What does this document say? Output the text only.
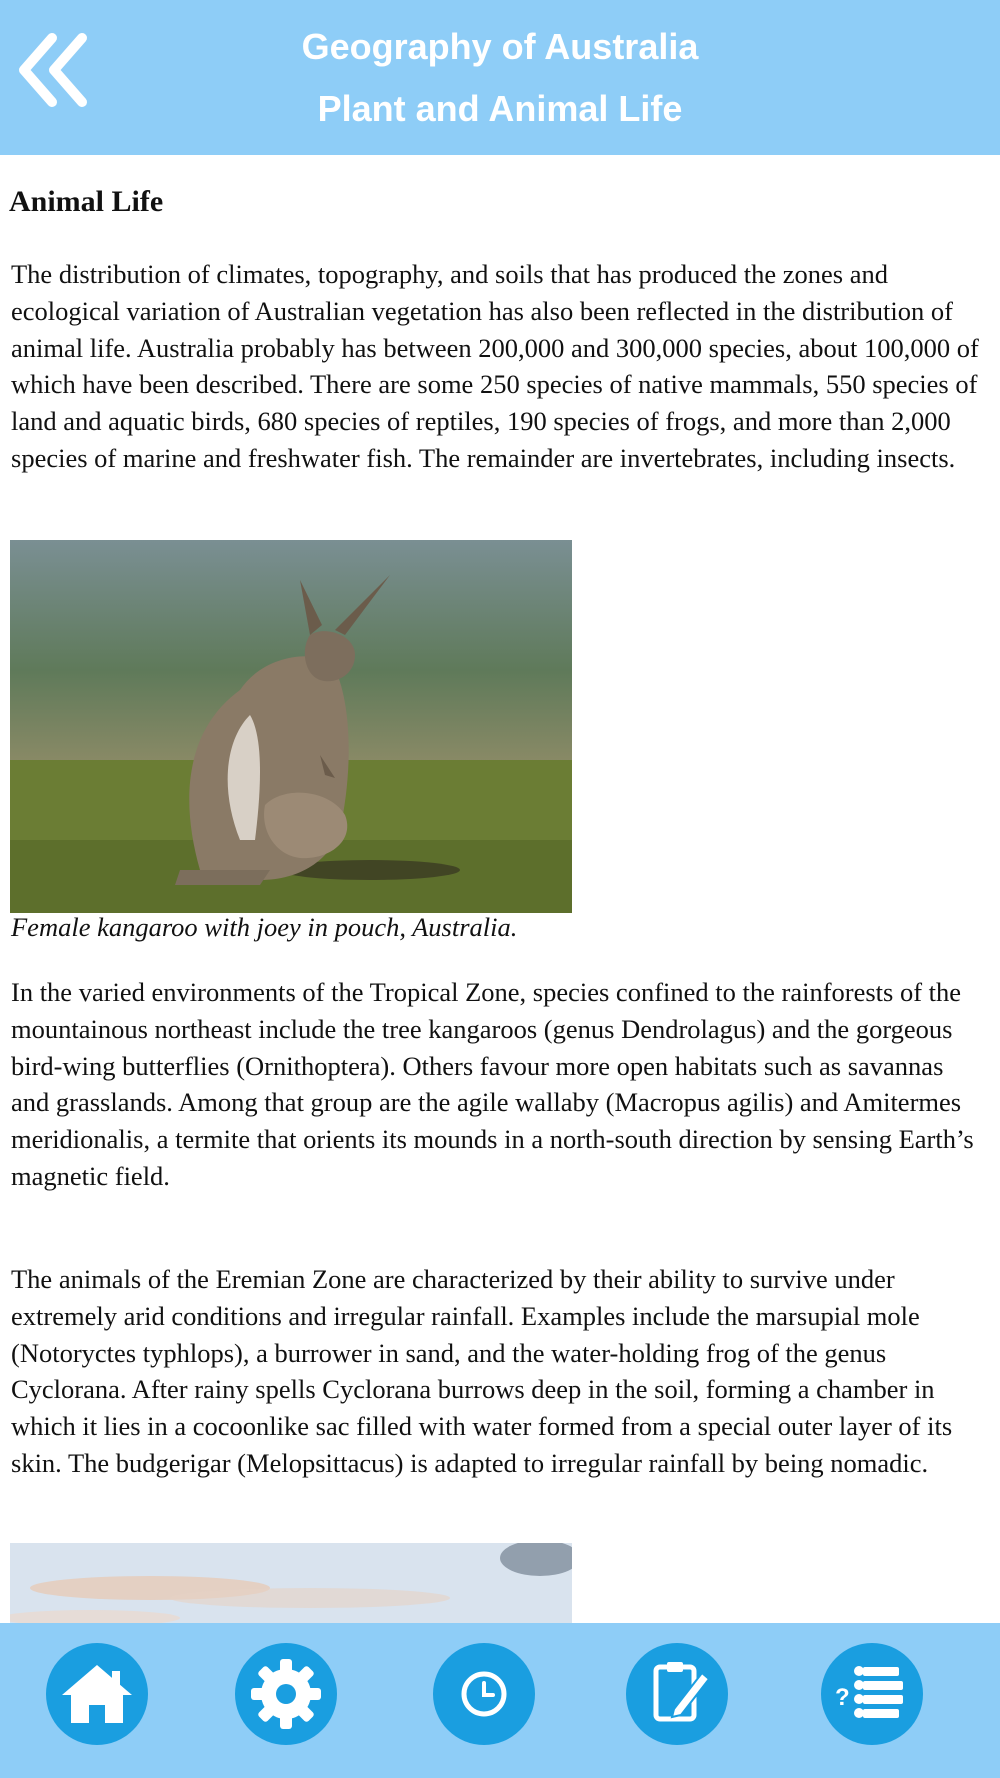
Geography of Australia
Plant and Animal Life
Animal Life

The distribution of climates, topography, and soils that has produced the zones and ecological variation of Australian vegetation has also been reflected in the distribution of animal life. Australia probably has between 200,000 and 300,000 species, about 100,000 of which have been described. There are some 250 species of native mammals, 550 species of land and aquatic birds, 680 species of reptiles, 190 species of frogs, and more than 2,000 species of marine and freshwater fish. The remainder are invertebrates, including insects.

Female kangaroo with joey in pouch, Australia.

In the varied environments of the Tropical Zone, species confined to the rainforests of the mountainous northeast include the tree kangaroos (genus Dendrolagus) and the gorgeous bird-wing butterflies (Ornithoptera). Others favour more open habitats such as savannas and grasslands. Among that group are the agile wallaby (Macropus agilis) and Amitermes meridionalis, a termite that orients its mounds in a north-south direction by sensing Earth’s magnetic field.

The animals of the Eremian Zone are characterized by their ability to survive under extremely arid conditions and irregular rainfall. Examples include the marsupial mole (Notoryctes typhlops), a burrower in sand, and the water-holding frog of the genus Cyclorana. After rainy spells Cyclorana burrows deep in the soil, forming a chamber in which it lies in a cocoonlike sac filled with water formed from a special outer layer of its skin. The budgerigar (Melopsittacus) is adapted to irregular rainfall by being nomadic.

?
